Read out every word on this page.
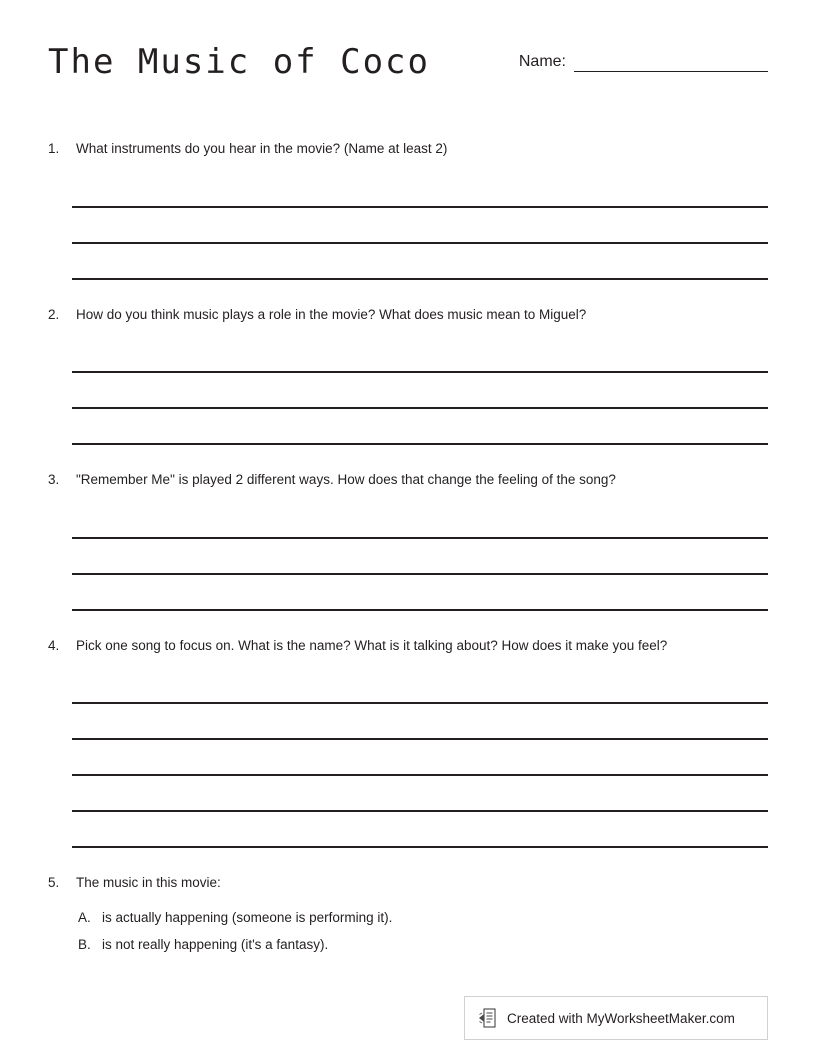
The Music of Coco	Name:
1.	What instruments do you hear in the movie? (Name at least 2)
2.	How do you think music plays a role in the movie? What does music mean to Miguel?
3.	"Remember Me" is played 2 different ways. How does that change the feeling of the song?
4.	Pick one song to focus on. What is the name? What is it talking about? How does it make you feel?
5.	The music in this movie:
A. is actually happening (someone is performing it).
B. is not really happening (it's a fantasy).
Created with MyWorksheetMaker.com
